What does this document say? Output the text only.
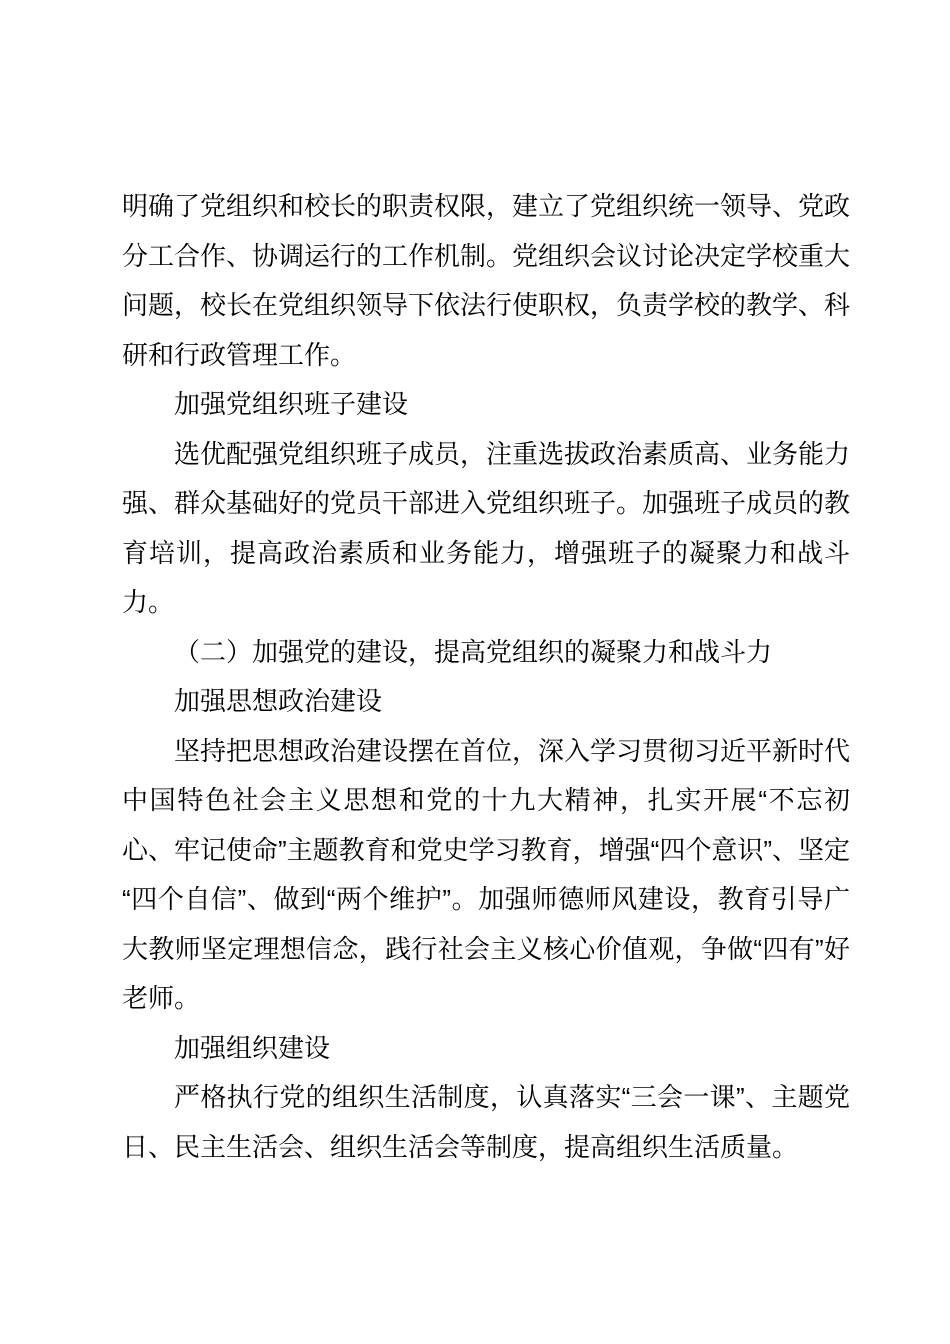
明确了党组织和校长的职责权限，建立了党组织统一领导、党政分工合作、协调运行的工作机制。党组织会议讨论决定学校重大问题，校长在党组织领导下依法行使职权，负责学校的教学、科研和行政管理工作。

加强党组织班子建设

选优配强党组织班子成员，注重选拔政治素质高、业务能力强、群众基础好的党员干部进入党组织班子。加强班子成员的教育培训，提高政治素质和业务能力，增强班子的凝聚力和战斗力。

（二）加强党的建设，提高党组织的凝聚力和战斗力

加强思想政治建设

坚持把思想政治建设摆在首位，深入学习贯彻习近平新时代中国特色社会主义思想和党的十九大精神，扎实开展“不忘初心、牢记使命”主题教育和党史学习教育，增强“四个意识”、坚定“四个自信”、做到“两个维护”。加强师德师风建设，教育引导广大教师坚定理想信念，践行社会主义核心价值观，争做“四有”好老师。

加强组织建设

严格执行党的组织生活制度，认真落实“三会一课”、主题党日、民主生活会、组织生活会等制度，提高组织生活质量。
